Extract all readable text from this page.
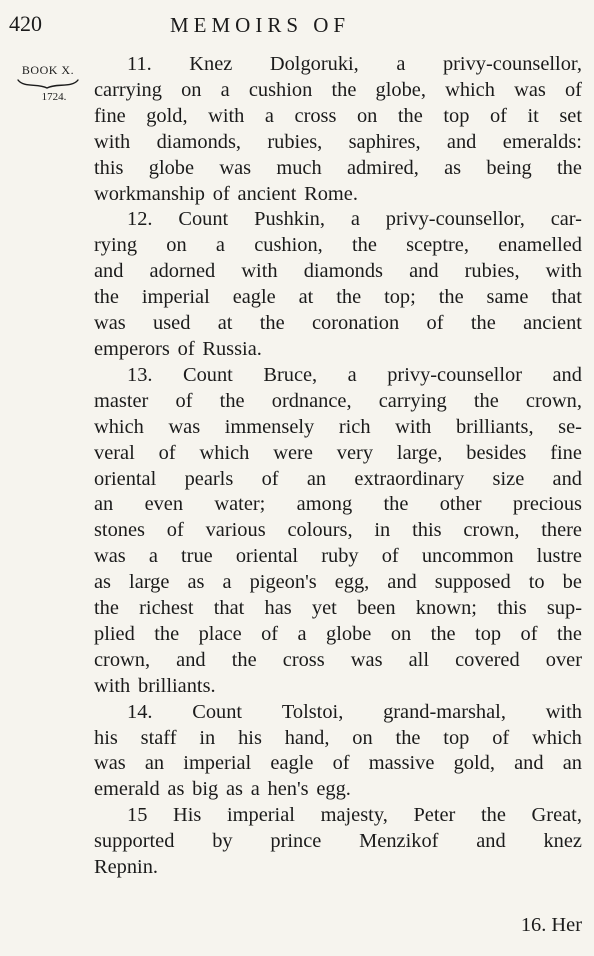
420	MEMOIRS OF
BOOK X.
1724.
11. Knez Dolgoruki, a privy-counsellor,
carrying on a cushion the globe, which was of
fine gold, with a cross on the top of it set
with diamonds, rubies, saphires, and emeralds:
this globe was much admired, as being the
workmanship of ancient Rome.
12. Count Pushkin, a privy-counsellor, car-
rying on a cushion, the sceptre, enamelled
and adorned with diamonds and rubies, with
the imperial eagle at the top; the same that
was used at the coronation of the ancient
emperors of Russia.
13. Count Bruce, a privy-counsellor and
master of the ordnance, carrying the crown,
which was immensely rich with brilliants, se-
veral of which were very large, besides fine
oriental pearls of an extraordinary size and
an even water; among the other precious
stones of various colours, in this crown, there
was a true oriental ruby of uncommon lustre
as large as a pigeon's egg, and supposed to be
the richest that has yet been known; this sup-
plied the place of a globe on the top of the
crown, and the cross was all covered over
with brilliants.
14. Count Tolstoi, grand-marshal, with
his staff in his hand, on the top of which
was an imperial eagle of massive gold, and an
emerald as big as a hen's egg.
15 His imperial majesty, Peter the Great,
supported by prince Menzikof and knez
Repnin.
16. Her
